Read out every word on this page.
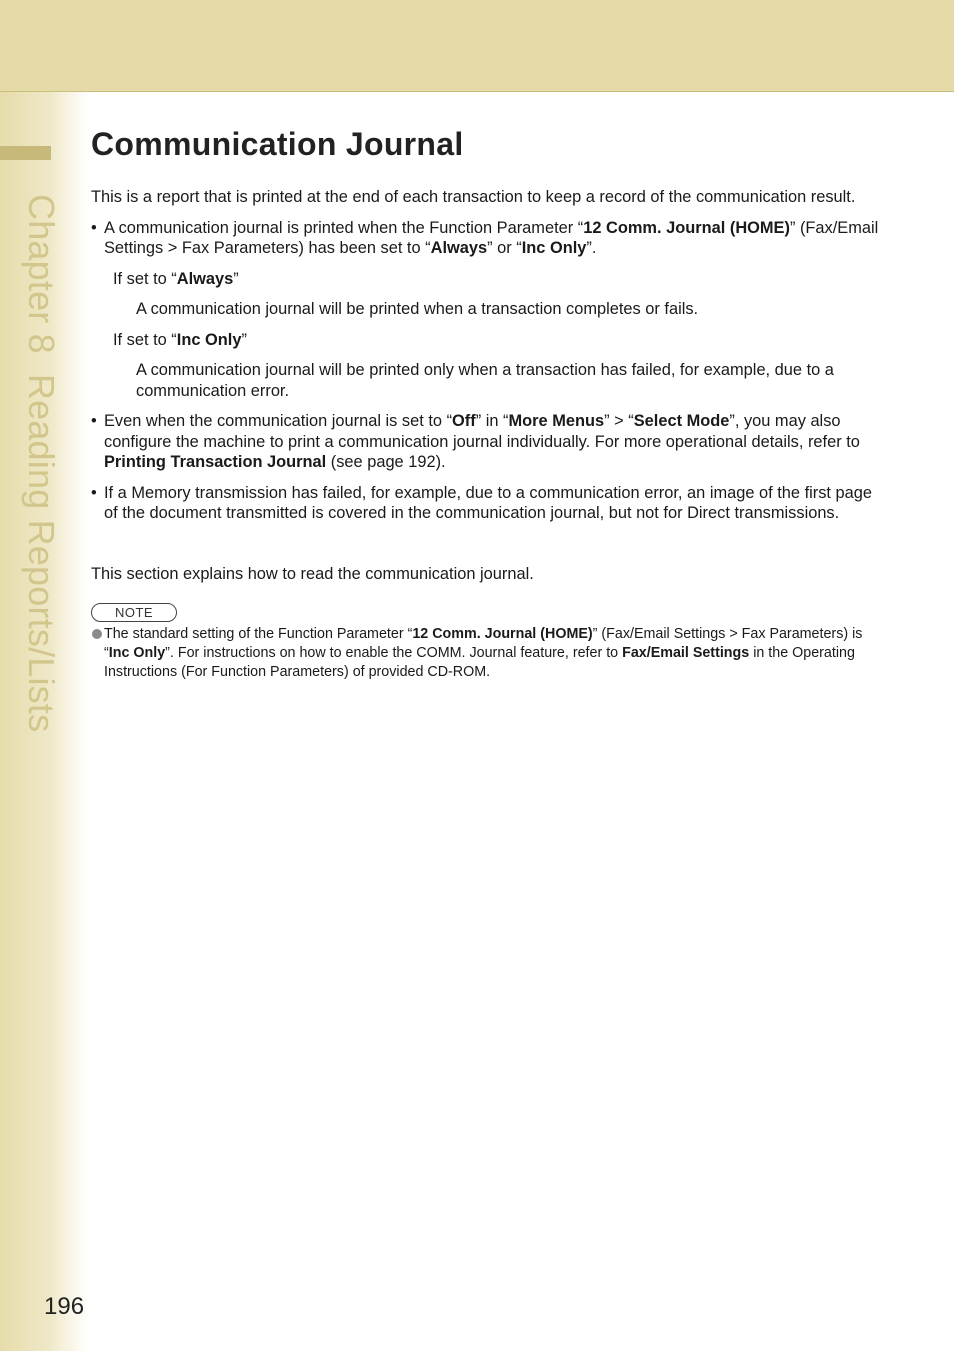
Chapter 8Reading Reports/Lists
Communication Journal

This is a report that is printed at the end of each transaction to keep a record of the communication result.

• A communication journal is printed when the Function Parameter “12 Comm. Journal (HOME)” (Fax/Email Settings > Fax Parameters) has been set to “Always” or “Inc Only”.

If set to “Always”

A communication journal will be printed when a transaction completes or fails.

If set to “Inc Only”

A communication journal will be printed only when a transaction has failed, for example, due to a communication error.

• Even when the communication journal is set to “Off” in “More Menus” > “Select Mode”, you may also configure the machine to print a communication journal individually. For more operational details, refer to Printing Transaction Journal (see page 192).

• If a Memory transmission has failed, for example, due to a communication error, an image of the first page of the document transmitted is covered in the communication journal, but not for Direct transmissions.

This section explains how to read the communication journal.

NOTE

The standard setting of the Function Parameter “12 Comm. Journal (HOME)” (Fax/Email Settings > Fax Parameters) is “Inc Only”. For instructions on how to enable the COMM. Journal feature, refer to Fax/Email Settings in the Operating Instructions (For Function Parameters) of provided CD-ROM.

196
